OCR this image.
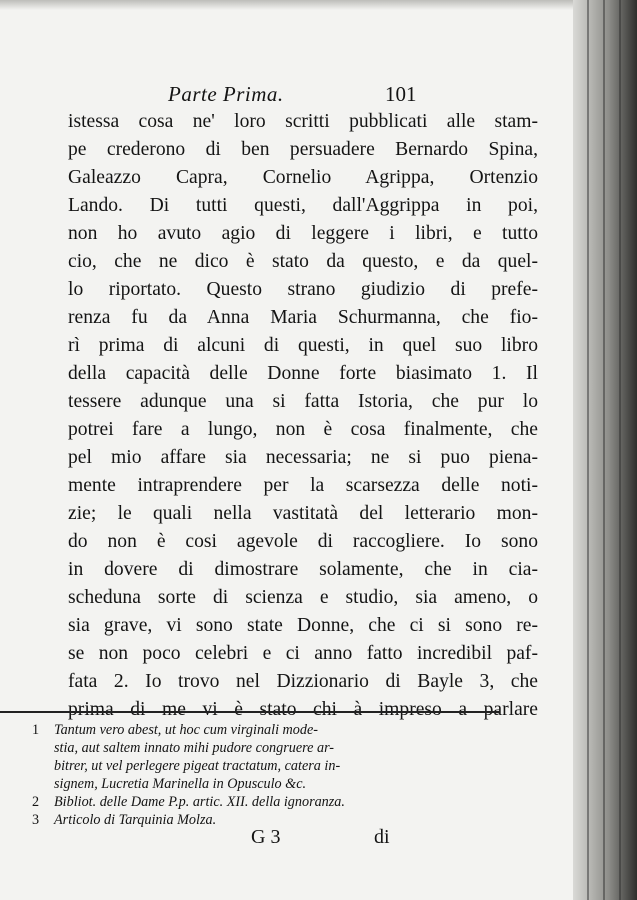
Parte Prima.	101
istessa cosa ne' loro scritti pubblicati alle stam-
pe crederono di ben persuadere Bernardo Spina,
Galeazzo Capra, Cornelio Agrippa, Ortenzio
Lando. Di tutti questi, dall'Aggrippa in poi,
non ho avuto agio di leggere i libri, e tutto
cio, che ne dico è stato da questo, e da quel-
lo riportato. Questo strano giudizio di prefe-
renza fu da Anna Maria Schurmanna, che fio-
rì prima di alcuni di questi, in quel suo libro
della capacità delle Donne forte biasimato 1. Il
tessere adunque una si fatta Istoria, che pur lo
potrei fare a lungo, non è cosa finalmente, che
pel mio affare sia necessaria; ne si puo piena-
mente intraprendere per la scarsezza delle noti-
zie; le quali nella vastitatà del letterario mon-
do non è cosi agevole di raccogliere. Io sono
in dovere di dimostrare solamente, che in cia-
scheduna sorte di scienza e studio, sia ameno, o
sia grave, vi sono state Donne, che ci si sono re-
se non poco celebri e ci anno fatto incredibil paf-
fata 2. Io trovo nel Dizzionario di Bayle 3, che
prima di me vi è stato chi à impreso a parlare
1 Tantum vero abest, ut hoc cum virginali mode-
stia, aut saltem innato mihi pudore congruere ar-
bitrer, ut vel perlegere pigeat tractatum, catera in-
signem, Lucretia Marinella in Opusculo &c.
2 Bibliot. delle Dame P.p. artic. XII. della ignoranza.
3 Articolo di Tarquinia Molza.
G 3	di
